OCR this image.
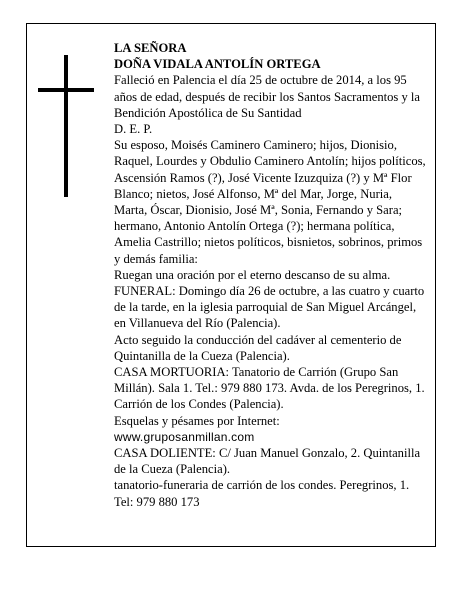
LA SEÑORA

DOÑA VIDALA ANTOLÍN ORTEGA

Falleció en Palencia el día 25 de octubre de 2014, a los 95 años de edad, después de recibir los Santos Sacramentos y la Bendición Apostólica de Su Santidad

D. E. P.

Su esposo, Moisés Caminero Caminero; hijos, Dionisio, Raquel, Lourdes y Obdulio Caminero Antolín; hijos políticos, Ascensión Ramos (?), José Vicente Izuzquiza (?) y Mª Flor Blanco; nietos, José Alfonso, Mª del Mar, Jorge, Nuria, Marta, Óscar, Dionisio, José Mª, Sonia, Fernando y Sara; hermano, Antonio Antolín Ortega (?); hermana política, Amelia Castrillo; nietos políticos, bisnietos, sobrinos, primos y demás familia:

Ruegan una oración por el eterno descanso de su alma.

FUNERAL: Domingo día 26 de octubre, a las cuatro y cuarto de la tarde, en la iglesia parroquial de San Miguel Arcángel, en Villanueva del Río (Palencia).

Acto seguido la conducción del cadáver al cementerio de Quintanilla de la Cueza (Palencia).

CASA MORTUORIA: Tanatorio de Carrión (Grupo San Millán). Sala 1. Tel.: 979 880 173. Avda. de los Peregrinos, 1. Carrión de los Condes (Palencia).

Esquelas y pésames por Internet:

www.gruposanmillan.com

CASA DOLIENTE: C/ Juan Manuel Gonzalo, 2. Quintanilla de la Cueza (Palencia).

tanatorio-funeraria de carrión de los condes. Peregrinos, 1. Tel: 979 880 173
